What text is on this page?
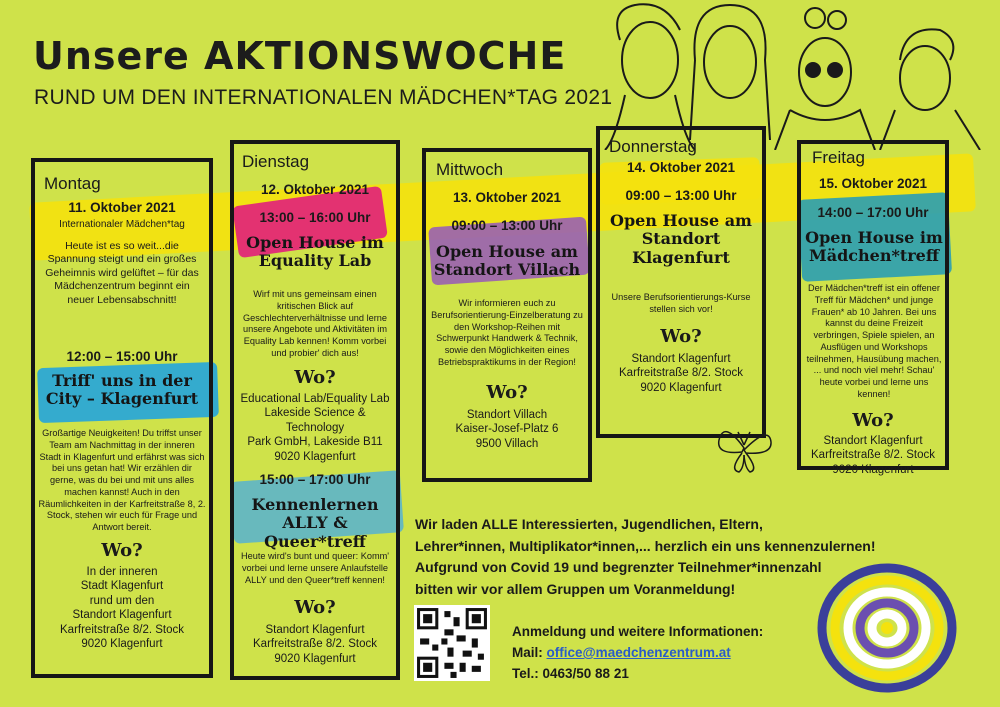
Unsere AKTIONSWOCHE
RUND UM DEN INTERNATIONALEN MÄDCHEN*TAG 2021
Montag
11. Oktober 2021
Internationaler Mädchen*tag
Heute ist es so weit...die Spannung steigt und ein großes Geheimnis wird gelüftet – für das Mädchenzentrum beginnt ein neuer Lebensabschnitt!
12:00 – 15:00 Uhr
Triff' uns in der City – Klagenfurt
Großartige Neuigkeiten! Du triffst unser Team am Nachmittag in der inneren Stadt in Klagenfurt und erfährst was sich bei uns getan hat! Wir erzählen dir gerne, was du bei und mit uns alles machen kannst! Auch in den Räumlichkeiten in der Karfreitstraße 8, 2. Stock, stehen wir euch für Frage und Antwort bereit.
Wo?
In der inneren
Stadt Klagenfurt
rund um den
Standort Klagenfurt
Karfreitstraße 8/2. Stock
9020 Klagenfurt
Dienstag
12. Oktober 2021
13:00 – 16:00 Uhr
Open House im Equality Lab
Wirf mit uns gemeinsam einen kritischen Blick auf Geschlechterverhältnisse und lerne unsere Angebote und Aktivitäten im Equality Lab kennen! Komm vorbei und probier' dich aus!
Wo?
Educational Lab/Equality Lab
Lakeside Science & Technology
Park GmbH, Lakeside B11
9020 Klagenfurt
15:00 – 17:00 Uhr
Kennenlernen ALLY & Queer*treff
Heute wird's bunt und queer: Komm' vorbei und lerne unsere Anlaufstelle ALLY und den Queer*treff kennen!
Wo?
Standort Klagenfurt
Karfreitstraße 8/2. Stock
9020 Klagenfurt
Mittwoch
13. Oktober 2021
09:00 – 13:00 Uhr
Open House am Standort Villach
Wir informieren euch zu Berufsorientierung-Einzelberatung zu den Workshop-Reihen mit Schwerpunkt Handwerk & Technik, sowie den Möglichkeiten eines Betriebspraktikums in der Region!
Wo?
Standort Villach
Kaiser-Josef-Platz 6
9500 Villach
Donnerstag
14. Oktober 2021
09:00 – 13:00 Uhr
Open House am Standort Klagenfurt
Unsere Berufsorientierungs-Kurse stellen sich vor!
Wo?
Standort Klagenfurt
Karfreitstraße 8/2. Stock
9020 Klagenfurt
Freitag
15. Oktober 2021
14:00 – 17:00 Uhr
Open House im Mädchen*treff
Der Mädchen*treff ist ein offener Treff für Mädchen* und junge Frauen* ab 10 Jahren. Bei uns kannst du deine Freizeit verbringen, Spiele spielen, an Ausflügen und Workshops teilnehmen, Hausübung machen, ... und noch viel mehr! Schau' heute vorbei und lerne uns kennen!
Wo?
Standort Klagenfurt
Karfreitstraße 8/2. Stock
9020 Klagenfurt
Wir laden ALLE Interessierten, Jugendlichen, Eltern,
Lehrer*innen, Multiplikator*innen,... herzlich ein uns kennenzulernen!
Aufgrund von Covid 19 und begrenzter Teilnehmer*innenzahl
bitten wir vor allem Gruppen um Voranmeldung!
Anmeldung und weitere Informationen:
Mail: office@maedchenzentrum.at
Tel.: 0463/50 88 21
